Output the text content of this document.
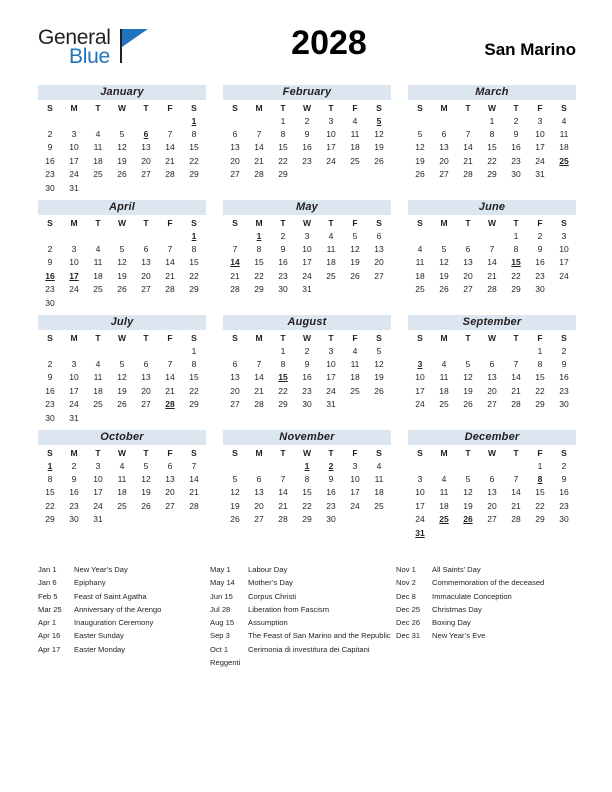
General
Blue	2028	San Marino
January
S	M	T	W	T	F	S
						1
2	3	4	5	6	7	8
9	10	11	12	13	14	15
16	17	18	19	20	21	22
23	24	25	26	27	28	29
30	31					
February
S	M	T	W	T	F	S
		1	2	3	4	5
6	7	8	9	10	11	12
13	14	15	16	17	18	19
20	21	22	23	24	25	26
27	28	29				

March
S	M	T	W	T	F	S
			1	2	3	4
5	6	7	8	9	10	11
12	13	14	15	16	17	18
19	20	21	22	23	24	25
26	27	28	29	30	31	

April
S	M	T	W	T	F	S
						1
2	3	4	5	6	7	8
9	10	11	12	13	14	15
16	17	18	19	20	21	22
23	24	25	26	27	28	29
30						
May
S	M	T	W	T	F	S
	1	2	3	4	5	6
7	8	9	10	11	12	13
14	15	16	17	18	19	20
21	22	23	24	25	26	27
28	29	30	31			

June
S	M	T	W	T	F	S
				1	2	3
4	5	6	7	8	9	10
11	12	13	14	15	16	17
18	19	20	21	22	23	24
25	26	27	28	29	30	

July
S	M	T	W	T	F	S
						1
2	3	4	5	6	7	8
9	10	11	12	13	14	15
16	17	18	19	20	21	22
23	24	25	26	27	28	29
30	31					
August
S	M	T	W	T	F	S
		1	2	3	4	5
6	7	8	9	10	11	12
13	14	15	16	17	18	19
20	21	22	23	24	25	26
27	28	29	30	31		

September
S	M	T	W	T	F	S
					1	2
3	4	5	6	7	8	9
10	11	12	13	14	15	16
17	18	19	20	21	22	23
24	25	26	27	28	29	30

October
S	M	T	W	T	F	S
1	2	3	4	5	6	7
8	9	10	11	12	13	14
15	16	17	18	19	20	21
22	23	24	25	26	27	28
29	30	31				

November
S	M	T	W	T	F	S
			1	2	3	4
5	6	7	8	9	10	11
12	13	14	15	16	17	18
19	20	21	22	23	24	25
26	27	28	29	30		

December
S	M	T	W	T	F	S
					1	2
3	4	5	6	7	8	9
10	11	12	13	14	15	16
17	18	19	20	21	22	23
24	25	26	27	28	29	30
31						
Jan 1 New Year’s Day
Jan 6 Epiphany
Feb 5 Feast of Saint Agatha
Mar 25 Anniversary of the Arengo
Apr 1 Inauguration Ceremony
Apr 16 Easter Sunday
Apr 17 Easter Monday
May 1 Labour Day
May 14 Mother’s Day
Jun 15 Corpus Christi
Jul 28 Liberation from Fascism
Aug 15 Assumption
Sep 3 The Feast of San Marino and the Republic
Oct 1	Cerimonia di investitura dei Capitani Reggenti
Nov 1 All Saints’ Day
Nov 2 Commemoration of the deceased
Dec 8 Immaculate Conception
Dec 25 Christmas Day
Dec 26 Boxing Day
Dec 31 New Year’s Eve
